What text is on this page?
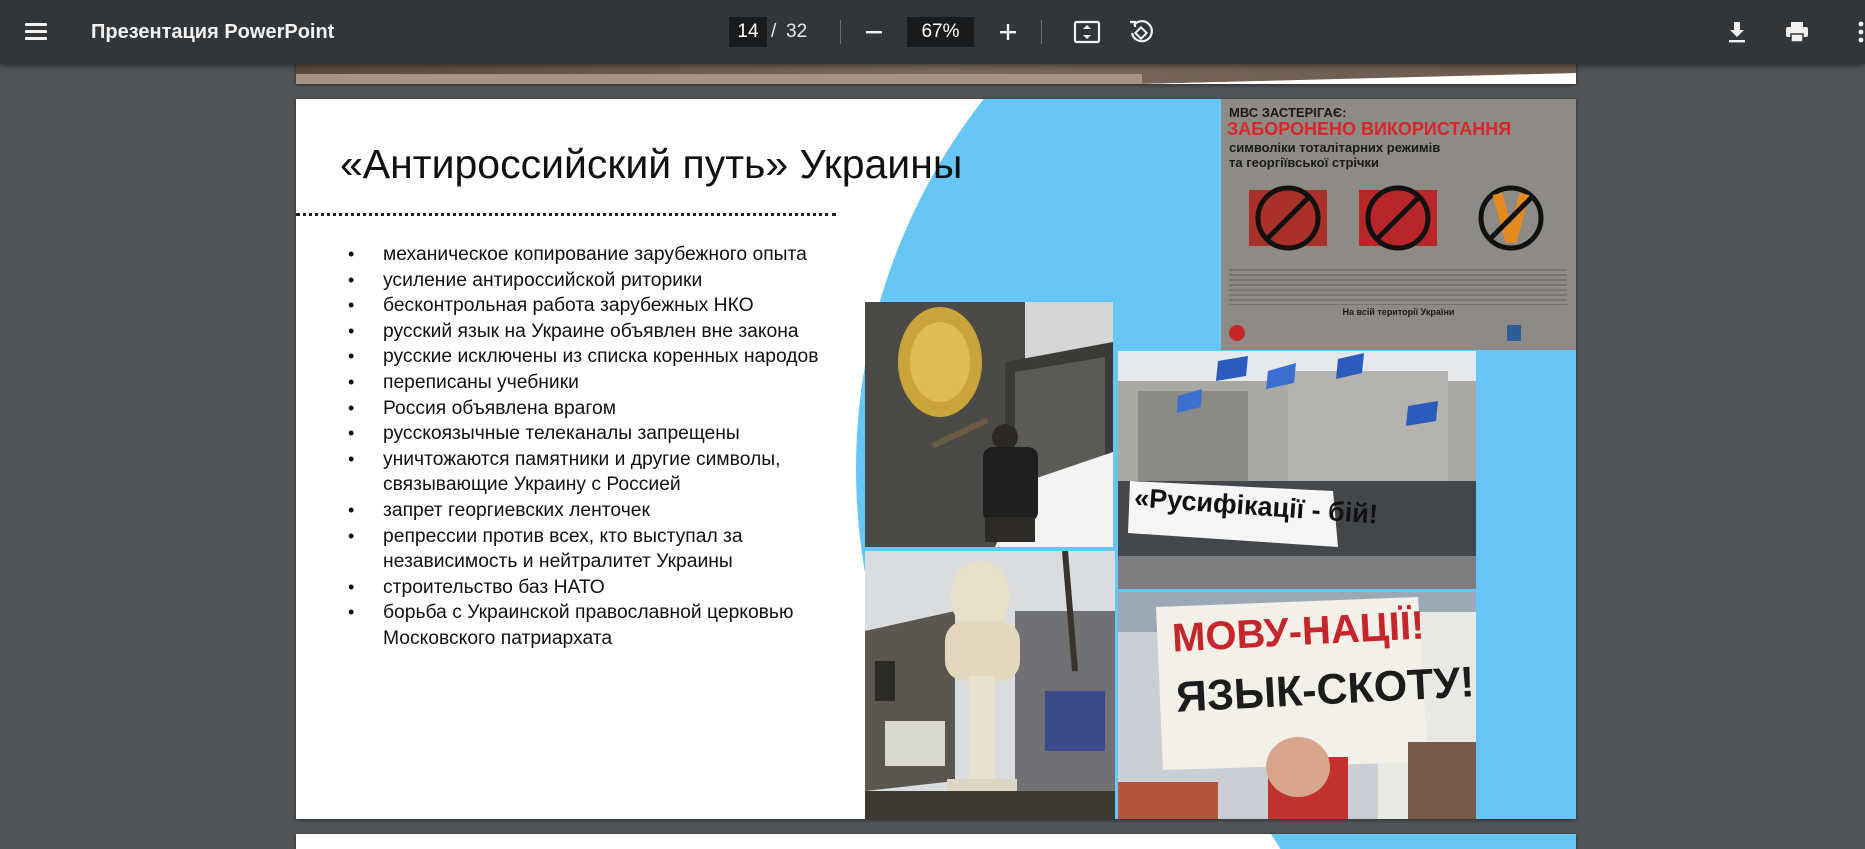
Презентация PowerPoint
14	/ 32
67%
«Антироссийский путь» Украины
• механическое копирование зарубежного опыта
• усиление антироссийской риторики
• бесконтрольная работа зарубежных НКО
• русский язык на Украине объявлен вне закона
• русские исключены из списка коренных народов
• переписаны учебники
• Россия объявлена врагом
• русскоязычные телеканалы запрещены
• уничтожаются памятники и другие символы, связывающие Украину с Россией
• запрет георгиевских ленточек
• репрессии против всех, кто выступал за независимость и нейтралитет Украины
• строительство баз НАТО
• борьба с Украинской православной церковью Московского патриархата
МВС ЗАСТЕРІГАЄ:
ЗАБОРОНЕНО ВИКОРИСТАННЯ
символіки тоталітарних режимів
та георгіївської стрічки
На всій території України
«Русифікації - бій!
МОВУ-НАЦІЇ!
ЯЗЫК-СКОТУ!
